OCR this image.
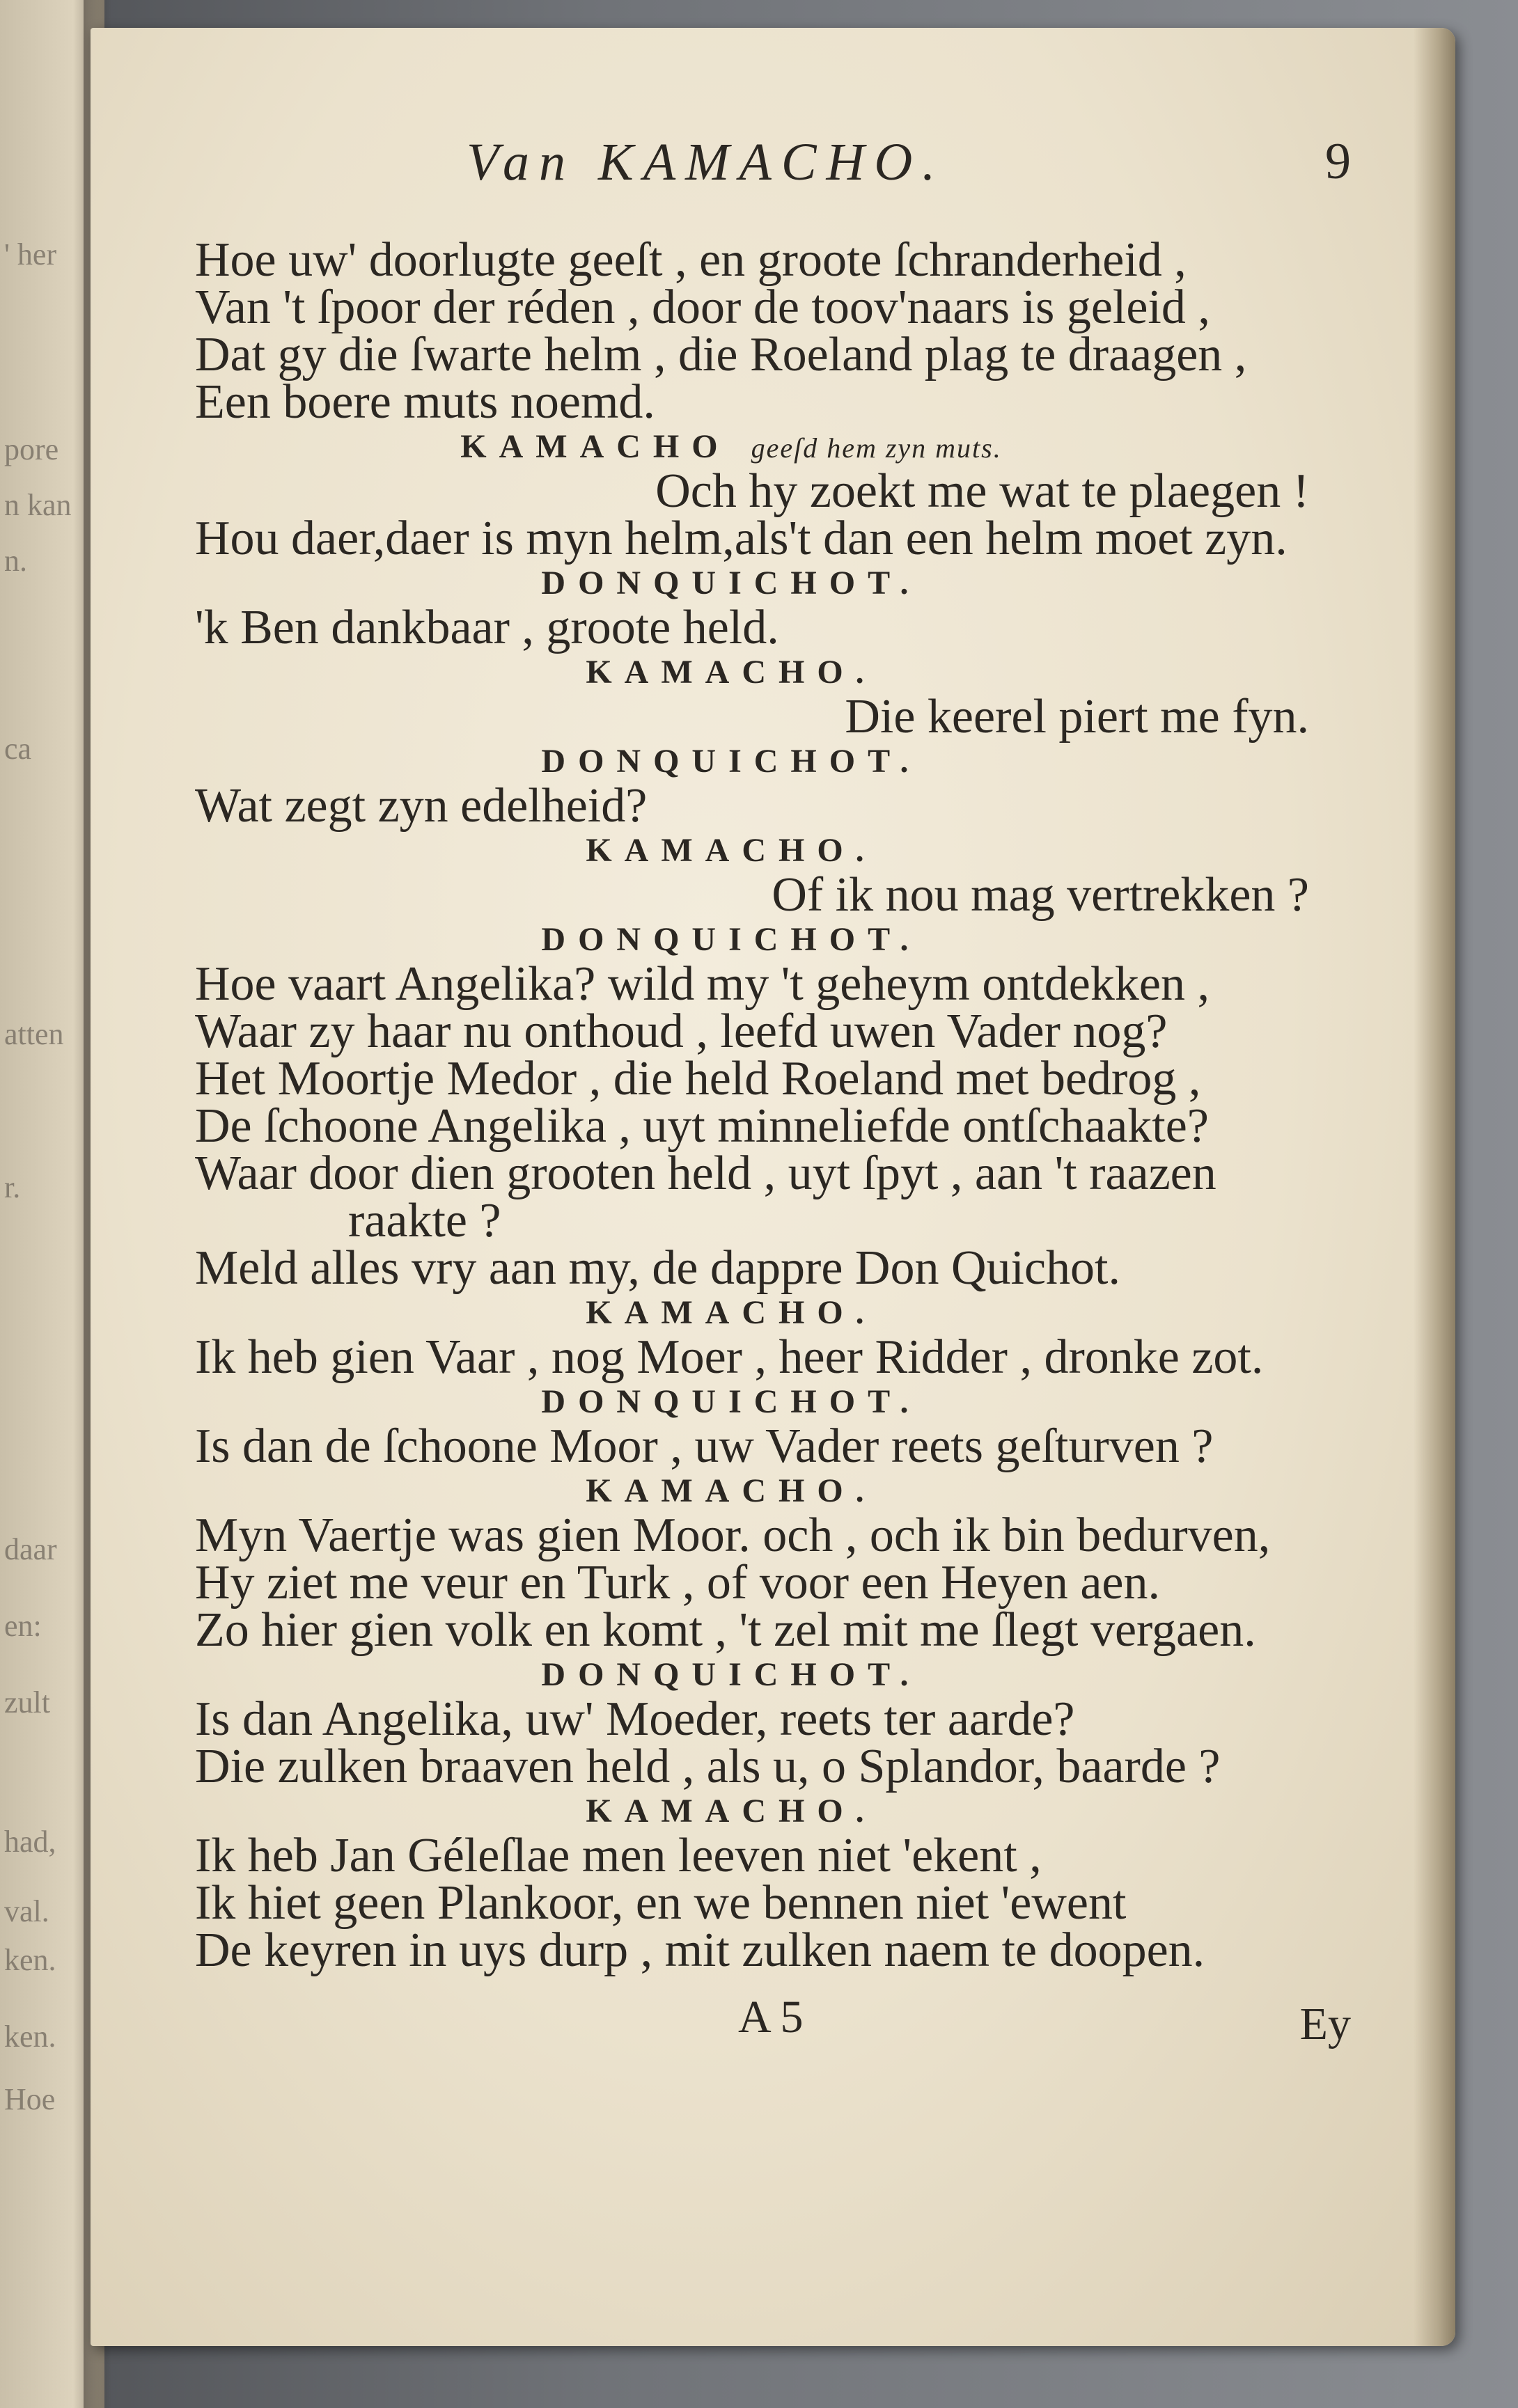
' her
pore
n kan
n.
ca
atten
r.
daar
en:
zult
had,
val.
ken.
ken.
Hoe
Van KAMACHO.	9
Hoe uw' doorlugte geeſt , en groote ſchranderheid ,
Van 't ſpoor der réden , door de toov'naars is geleid ,
Dat gy die ſwarte helm , die Roeland plag te draagen ,
Een boere muts noemd.
KAMACHO geeſd hem zyn muts.
Och hy zoekt me wat te plaegen !
Hou daer,daer is myn helm,als't dan een helm moet zyn.
DONQUICHOT.
'k Ben dankbaar , groote held.
KAMACHO.
Die keerel piert me fyn.
DONQUICHOT.
Wat zegt zyn edelheid?
KAMACHO.
Of ik nou mag vertrekken ?
DONQUICHOT.
Hoe vaart Angelika? wild my 't geheym ontdekken ,
Waar zy haar nu onthoud , leefd uwen Vader nog?
Het Moortje Medor , die held Roeland met bedrog ,
De ſchoone Angelika , uyt minneliefde ontſchaakte?
Waar door dien grooten held , uyt ſpyt , aan 't raazen
raakte ?
Meld alles vry aan my, de dappre Don Quichot.
KAMACHO.
Ik heb gien Vaar , nog Moer , heer Ridder , dronke zot.
DONQUICHOT.
Is dan de ſchoone Moor , uw Vader reets geſturven ?
KAMACHO.
Myn Vaertje was gien Moor. och , och ik bin bedurven,
Hy ziet me veur en Turk , of voor een Heyen aen.
Zo hier gien volk en komt , 't zel mit me ſlegt vergaen.
DONQUICHOT.
Is dan Angelika, uw' Moeder, reets ter aarde?
Die zulken braaven held , als u, o Splandor, baarde ?
KAMACHO.
Ik heb Jan Géleſlae men leeven niet 'ekent ,
Ik hiet geen Plankoor, en we bennen niet 'ewent
De keyren in uys durp , mit zulken naem te doopen.
A 5	Ey
